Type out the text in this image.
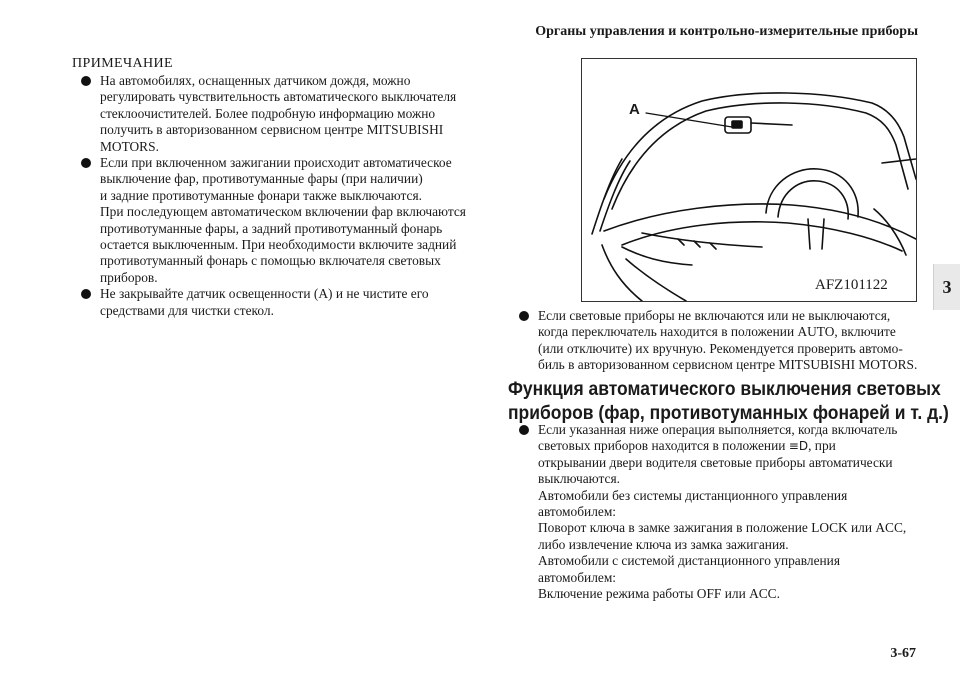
Органы управления и контрольно-измерительные приборы
3
ПРИМЕЧАНИЕ
На автомобилях, оснащенных датчиком дождя, можно
регулировать чувствительность автоматического выключателя
стеклоочистителей. Более подробную информацию можно
получить в авторизованном сервисном центре MITSUBISHI
MOTORS.
Если при включенном зажигании происходит автоматическое
выключение фар, противотуманные фары (при наличии)
и задние противотуманные фонари также выключаются.
При последующем автоматическом включении фар включаются
противотуманные фары, а задний противотуманный фонарь
остается выключенным. При необходимости включите задний
противотуманный фонарь с помощью включателя световых
приборов.
Не закрывайте датчик освещенности (A) и не чистите его
средствами для чистки стекол.
A
AFZ101122
Если световые приборы не включаются или не выключаются,
когда переключатель находится в положении AUTO, включите
(или отключите) их вручную. Рекомендуется проверить автомо-
биль в авторизованном сервисном центре MITSUBISHI MOTORS.
Функция автоматического выключения световых
приборов (фар, противотуманных фонарей и т. д.)
Если указанная ниже операция выполняется, когда включатель
световых приборов находится в положении ≡D, при
открывании двери водителя световые приборы автоматически
выключаются.
Автомобили без системы дистанционного управления
автомобилем:
Поворот ключа в замке зажигания в положение LOCK или ACC,
либо извлечение ключа из замка зажигания.
Автомобили с системой дистанционного управления
автомобилем:
Включение режима работы OFF или ACC.
3-67
